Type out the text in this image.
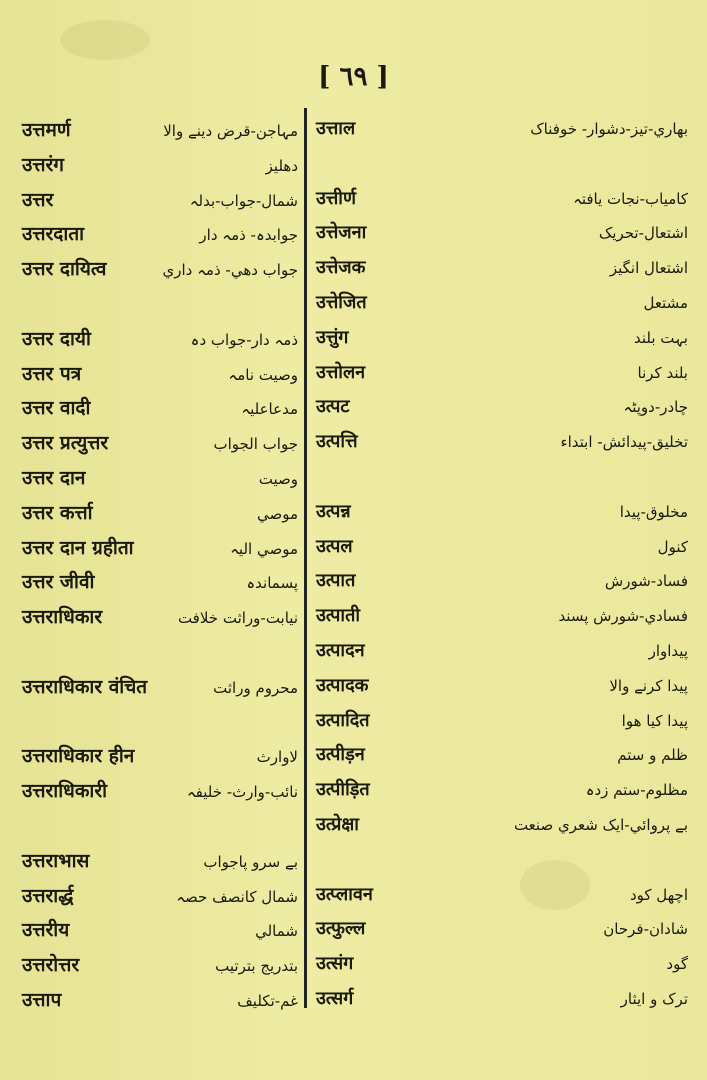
[ ٦٩ ]
उत्तमर्ण	مہاجن-قرض دینے والا
उत्तरंग	دهلیز
उत्तर	شمال-جواب-بدلہ
उत्तरदाता	جوابدہ- ذمہ دار
उत्तर दायित्व	جواب دهي- ذمہ داري
उत्तर दायी	ذمہ دار-جواب دہ
उत्तर पत्र	وصیت نامہ
उत्तर वादी	مدعاعلیہ
उत्तर प्रत्युत्तर	جواب الجواب
उत्तर दान	وصیت
उत्तर कर्त्ता	موصي
उत्तर दान ग्रहीता	موصي الیہ
उत्तर जीवी	پسماندہ
उत्तराधिकार	نیابت-وراثت خلافت
उत्तराधिकार वंचित	محروم وراثت
उत्तराधिकार हीन	لاوارث
उत्तराधिकारी	نائب-وارث- خلیفہ
उत्तराभास	بے سرو پاجواب
उत्तरार्द्ध	شمال کانصف حصہ
उत्तरीय	شمالي
उत्तरोत्तर	بتدریج بترتیب
उत्ताप	غم-تکلیف
उत्ताल	بهاري-تیز-دشوار- خوفناک
उत्तीर्ण	کامیاب-نجات یافتہ
उत्तेजना	اشتعال-تحریک
उत्तेजक	اشتعال انگیز
उत्तेजित	مشتعل
उत्तुंग	بہت بلند
उत्तोलन	بلند کرنا
उत्पट	چادر-دوپٹہ
उत्पत्ति	تخلیق-پیدائش- ابتداء
उत्पन्न	مخلوق-پیدا
उत्पल	کنول
उत्पात	فساد-شورش
उत्पाती	فسادي-شورش پسند
उत्पादन	پیداوار
उत्पादक	پیدا کرنے والا
उत्पादित	پیدا کیا هوا
उत्पीड़न	ظلم و ستم
उत्पीड़ित	مظلوم-ستم زدہ
उत्प्रेक्षा	بے پروائي-ایک شعري صنعت
उत्प्लावन	اچهل کود
उत्फुल्ल	شادان-فرحان
उत्संग	گود
उत्सर्ग	ترک و ایثار
